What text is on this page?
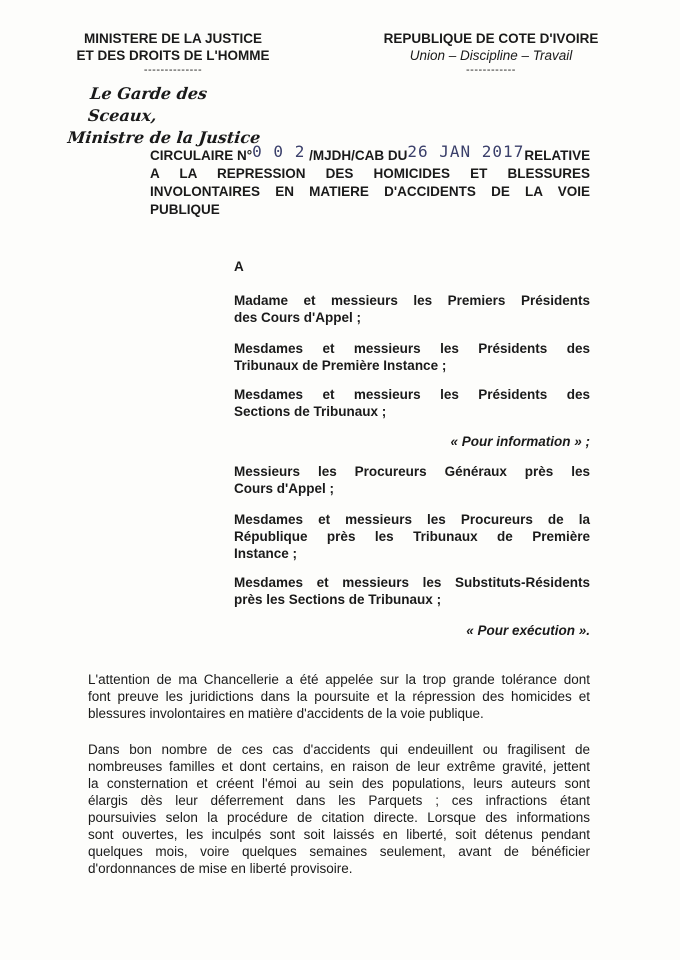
MINISTERE DE LA JUSTICE
ET DES DROITS DE L'HOMME
--------------
REPUBLIQUE DE COTE D'IVOIRE
Union – Discipline – Travail
------------
Le Garde des Sceaux,
Ministre de la Justice
CIRCULAIRE N°0 0 2 /MJDH/CAB DU26 JAN 2017RELATIVE
A LA REPRESSION DES HOMICIDES ET BLESSURES
INVOLONTAIRES EN MATIERE D'ACCIDENTS DE LA VOIE
PUBLIQUE
A
Madame et messieurs les Premiers Présidents
des Cours d'Appel ;
Mesdames et messieurs les Présidents des
Tribunaux de Première Instance ;
Mesdames et messieurs les Présidents des
Sections de Tribunaux ;
« Pour information » ;
Messieurs les Procureurs Généraux près les
Cours d'Appel ;
Mesdames et messieurs les Procureurs de la
République près les Tribunaux de Première
Instance ;
Mesdames et messieurs les Substituts-Résidents
près les Sections de Tribunaux ;
« Pour exécution ».
L'attention de ma Chancellerie a été appelée sur la trop grande tolérance dont
font preuve les juridictions dans la poursuite et la répression des homicides et
blessures involontaires en matière d'accidents de la voie publique.
Dans bon nombre de ces cas d'accidents qui endeuillent ou fragilisent de
nombreuses familles et dont certains, en raison de leur extrême gravité, jettent
la consternation et créent l'émoi au sein des populations, leurs auteurs sont
élargis dès leur déferrement dans les Parquets ; ces infractions étant
poursuivies selon la procédure de citation directe. Lorsque des informations
sont ouvertes, les inculpés sont soit laissés en liberté, soit détenus pendant
quelques mois, voire quelques semaines seulement, avant de bénéficier
d'ordonnances de mise en liberté provisoire.
